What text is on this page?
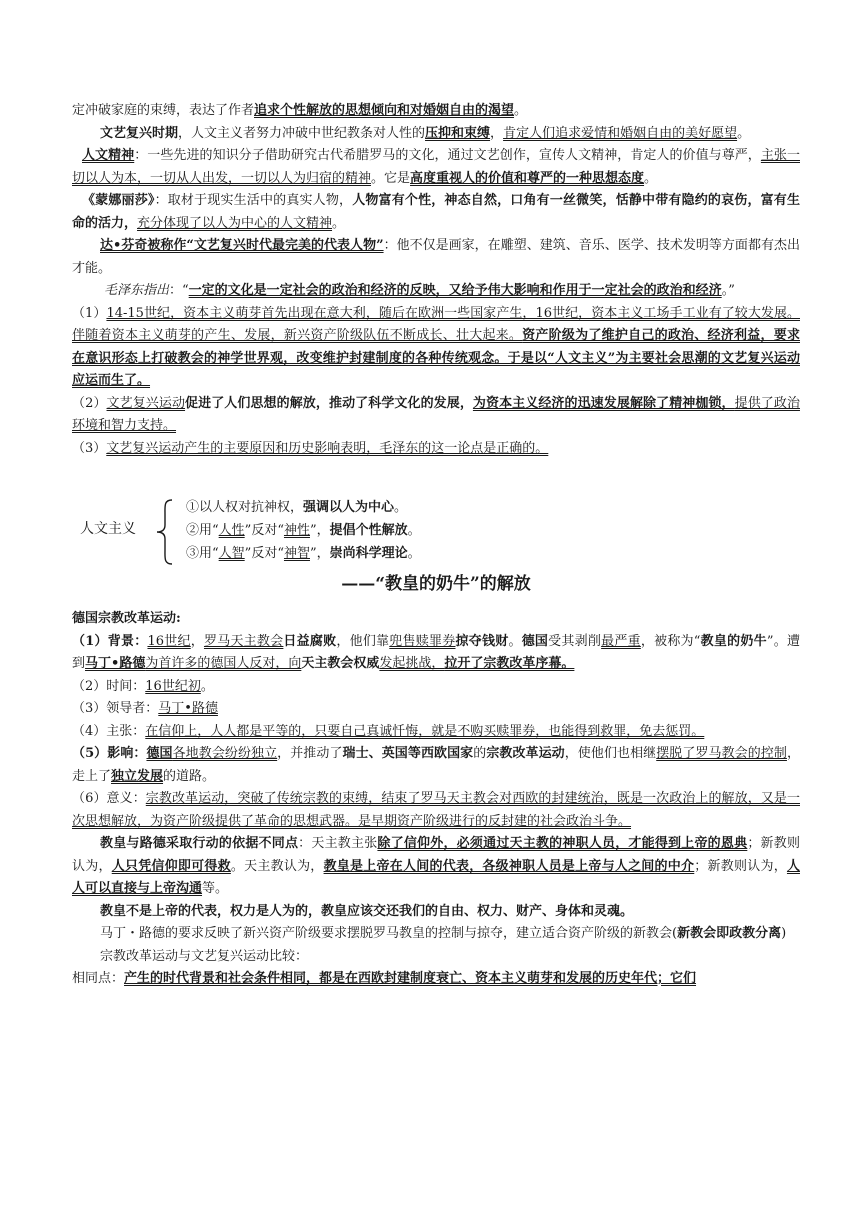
定冲破家庭的束缚，表达了作者追求个性解放的思想倾向和对婚姻自由的渴望。

文艺复兴时期，人文主义者努力冲破中世纪教条对人性的压抑和束缚，肯定人们追求爱情和婚姻自由的美好愿望。

人文精神：一些先进的知识分子借助研究古代希腊罗马的文化，通过文艺创作，宣传人文精神，肯定人的价值与尊严，主张一切以人为本，一切从人出发，一切以人为归宿的精神。它是高度重视人的价值和尊严的一种思想态度。

《蒙娜丽莎》：取材于现实生活中的真实人物，人物富有个性，神态自然，口角有一丝微笑，恬静中带有隐约的哀伤，富有生命的活力，充分体现了以人为中心的人文精神。

达•芬奇被称作“文艺复兴时代最完美的代表人物”：他不仅是画家，在雕塑、建筑、音乐、医学、技术发明等方面都有杰出才能。

毛泽东指出：“一定的文化是一定社会的政治和经济的反映，又给予伟大影响和作用于一定社会的政治和经济。”

（1）14-15世纪，资本主义萌芽首先出现在意大利，随后在欧洲一些国家产生，16世纪，资本主义工场手工业有了较大发展。伴随着资本主义萌芽的产生、发展，新兴资产阶级队伍不断成长、壮大起来。资产阶级为了维护自己的政治、经济利益，要求在意识形态上打破教会的神学世界观，改变维护封建制度的各种传统观念。于是以“人文主义”为主要社会思潮的文艺复兴运动应运而生了。

（2）文艺复兴运动促进了人们思想的解放，推动了科学文化的发展，为资本主义经济的迅速发展解除了精神枷锁，提供了政治环境和智力支持。

（3）文艺复兴运动产生的主要原因和历史影响表明，毛泽东的这一论点是正确的。

人文主义

①以人权对抗神权，强调以人为中心。

②用“人性”反对“神性”，提倡个性解放。

③用“人智”反对“神智”，崇尚科学理论。

——“教皇的奶牛”的解放

德国宗教改革运动:

（1）背景：16世纪，罗马天主教会日益腐败，他们靠兜售赎罪券掠夺钱财。德国受其剥削最严重，被称为“教皇的奶牛”。遭到马丁•路德为首许多的德国人反对，向天主教会权威发起挑战，拉开了宗教改革序幕。

（2）时间：16世纪初。

（3）领导者：马丁•路德

（4）主张：在信仰上，人人都是平等的，只要自己真诚忏悔，就是不购买赎罪券，也能得到救罪，免去惩罚。

（5）影响：德国各地教会纷纷独立，并推动了瑞士、英国等西欧国家的宗教改革运动，使他们也相继摆脱了罗马教会的控制，走上了独立发展的道路。

（6）意义：宗教改革运动，突破了传统宗教的束缚，结束了罗马天主教会对西欧的封建统治，既是一次政治上的解放，又是一次思想解放，为资产阶级提供了革命的思想武器。是早期资产阶级进行的反封建的社会政治斗争。

教皇与路德采取行动的依据不同点：天主教主张除了信仰外，必须通过天主教的神职人员，才能得到上帝的恩典；新教则认为，人只凭信仰即可得救。天主教认为，教皇是上帝在人间的代表，各级神职人员是上帝与人之间的中介；新教则认为，人人可以直接与上帝沟通等。

教皇不是上帝的代表，权力是人为的，教皇应该交还我们的自由、权力、财产、身体和灵魂。

马丁・路德的要求反映了新兴资产阶级要求摆脱罗马教皇的控制与掠夺，建立适合资产阶级的新教会(新教会即政教分离)

宗教改革运动与文艺复兴运动比较：

相同点：产生的时代背景和社会条件相同，都是在西欧封建制度衰亡、资本主义萌芽和发展的历史年代；它们
